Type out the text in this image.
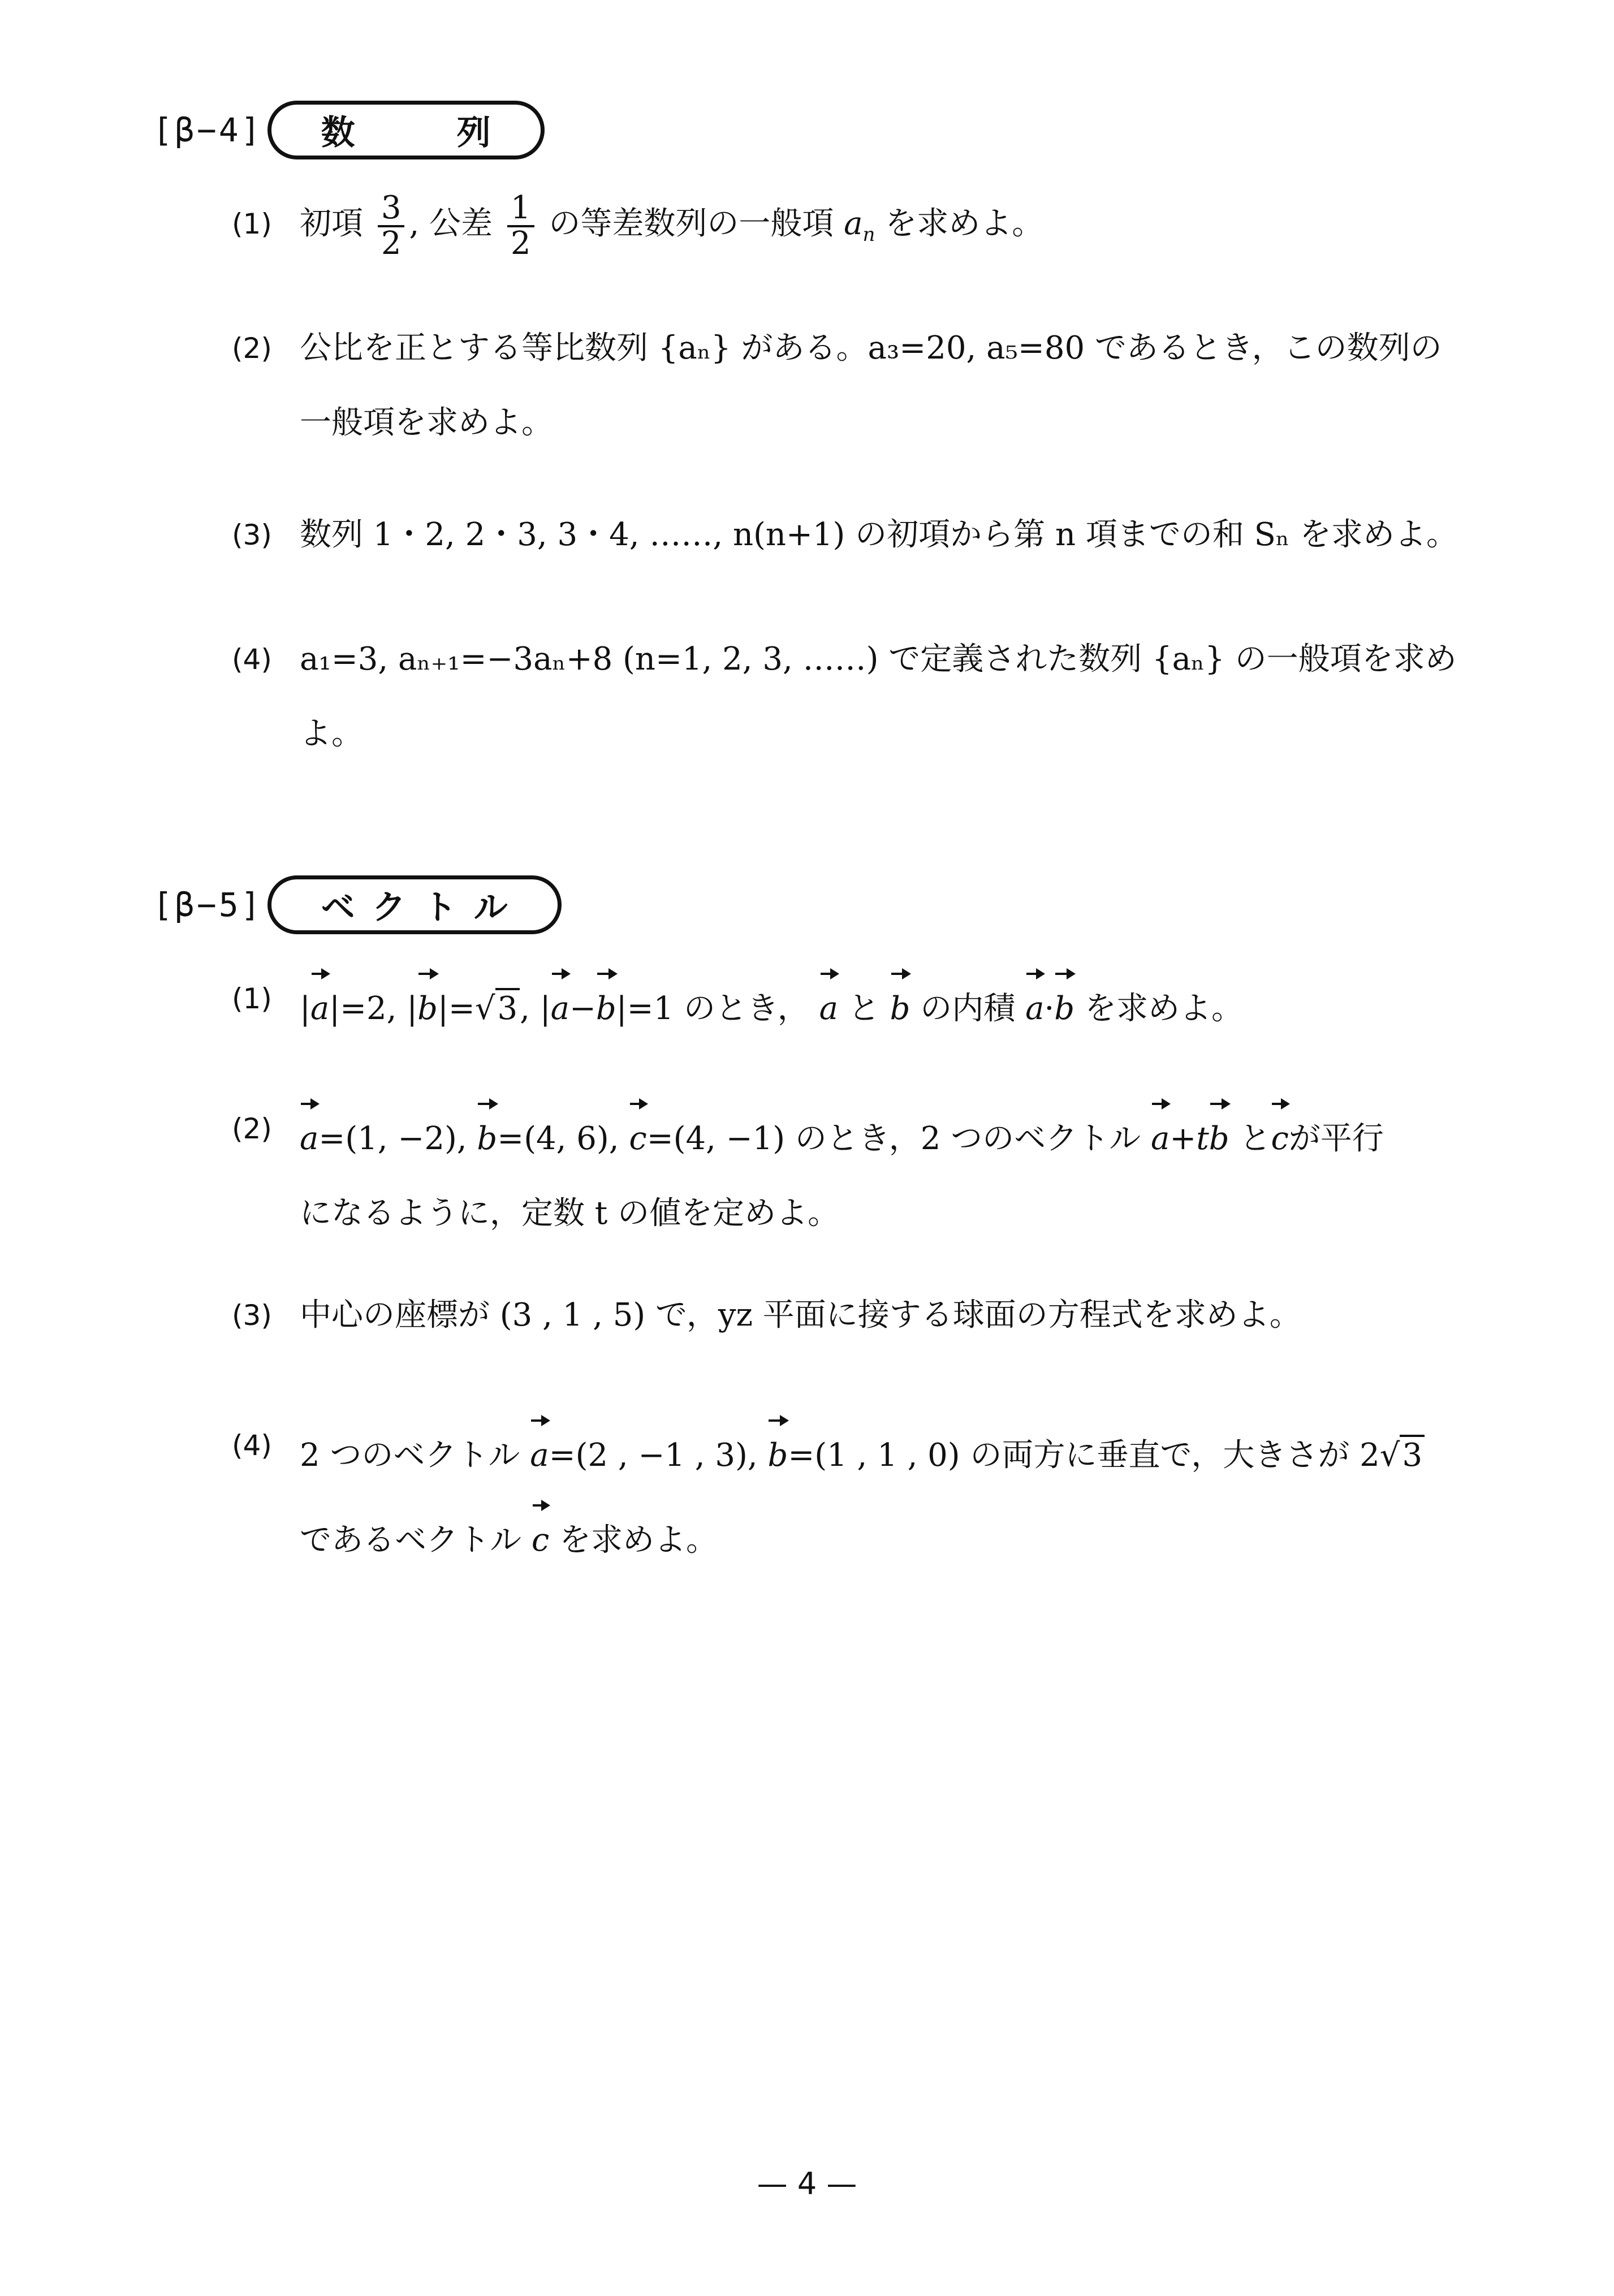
[β−4]	数　列
(1) 初項 $\frac{3}{2}$ , 公差 $\frac{1}{2}$ の等差数列の一般項 $a_n$ を求めよ。
(2) 公比を正とする等比数列 {aₙ} がある。a₃=20, a₅=80 であるとき，この数列の
一般項を求めよ。
(3) 数列 1・2, 2・3, 3・4, ……, n(n+1) の初項から第 n 項までの和 Sₙ を求めよ。
(4) a₁=3, aₙ₊₁=−3aₙ+8 (n=1, 2, 3, ……) で定義された数列 {aₙ} の一般項を求め
よ。
[β−5]	ベクトル
(1) |a|=2, |b|=√3, |a−b|=1 のとき， a と b の内積 a·b を求めよ。
(2) a=(1, −2), b=(4, 6), c=(4, −1) のとき，2 つのベクトル a+tb とcが平行
になるように，定数 t の値を定めよ。
(3) 中心の座標が (3 , 1 , 5) で，yz 平面に接する球面の方程式を求めよ。
(4) 2 つのベクトル a=(2 , −1 , 3), b=(1 , 1 , 0) の両方に垂直で，大きさが 2√3
であるベクトル c を求めよ。
— 4 —
